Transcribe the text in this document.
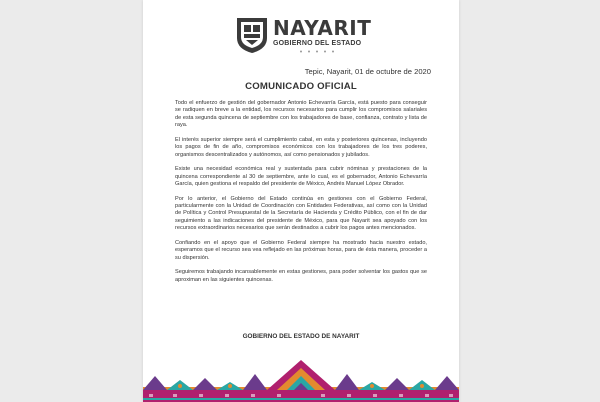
NAYARIT
GOBIERNO DEL ESTADO
Tepic, Nayarit, 01 de octubre de 2020
COMUNICADO OFICIAL

Todo el enfuerzo de gestión del gobernador Antonio Echevarría García, está puesto para conseguir se radiquen en breve a la entidad, los recursos necesarios para cumplir los compromisos salariales de esta segunda quincena de septiembre con los trabajadores de base, confianza, contrato y lista de raya.

El interés superior siempre será el cumplimiento cabal, en esta y posteriores quincenas, incluyendo los pagos de fin de año, compromisos económicos con los trabajadores de los tres poderes, organismos descentralizados y autónomos, así como pensionados y jubilados.

Existe una necesidad económica real y sustentada para cubrir nóminas y prestaciones de la quincena correspondiente al 30 de septiembre, ante lo cual, es el gobernador, Antonio Echevarría García, quien gestiona el respaldo del presidente de México, Andrés Manuel López Obrador.

Por lo anterior, el Gobierno del Estado continúa en gestiones con el Gobierno Federal, particularmente con la Unidad de Coordinación con Entidades Federativas, así como con la Unidad de Política y Control Presupuestal de la Secretaría de Hacienda y Crédito Público, con el fin de dar seguimiento a las indicaciones del presidente de México, para que Nayarit sea apoyado con los recursos extraordinarios necesarios que serán destinados a cubrir los pagos antes mencionados.

Confiando en el apoyo que el Gobierno Federal siempre ha mostrado hacia nuestro estado, esperamos que el recurso sea vea reflejado en las próximas horas, para de ésta manera, proceder a su dispersión.

Seguiremos trabajando incansablemente en estas gestiones, para poder solventar los gastos que se aproximan en las siguientes quincenas.

GOBIERNO DEL ESTADO DE NAYARIT
